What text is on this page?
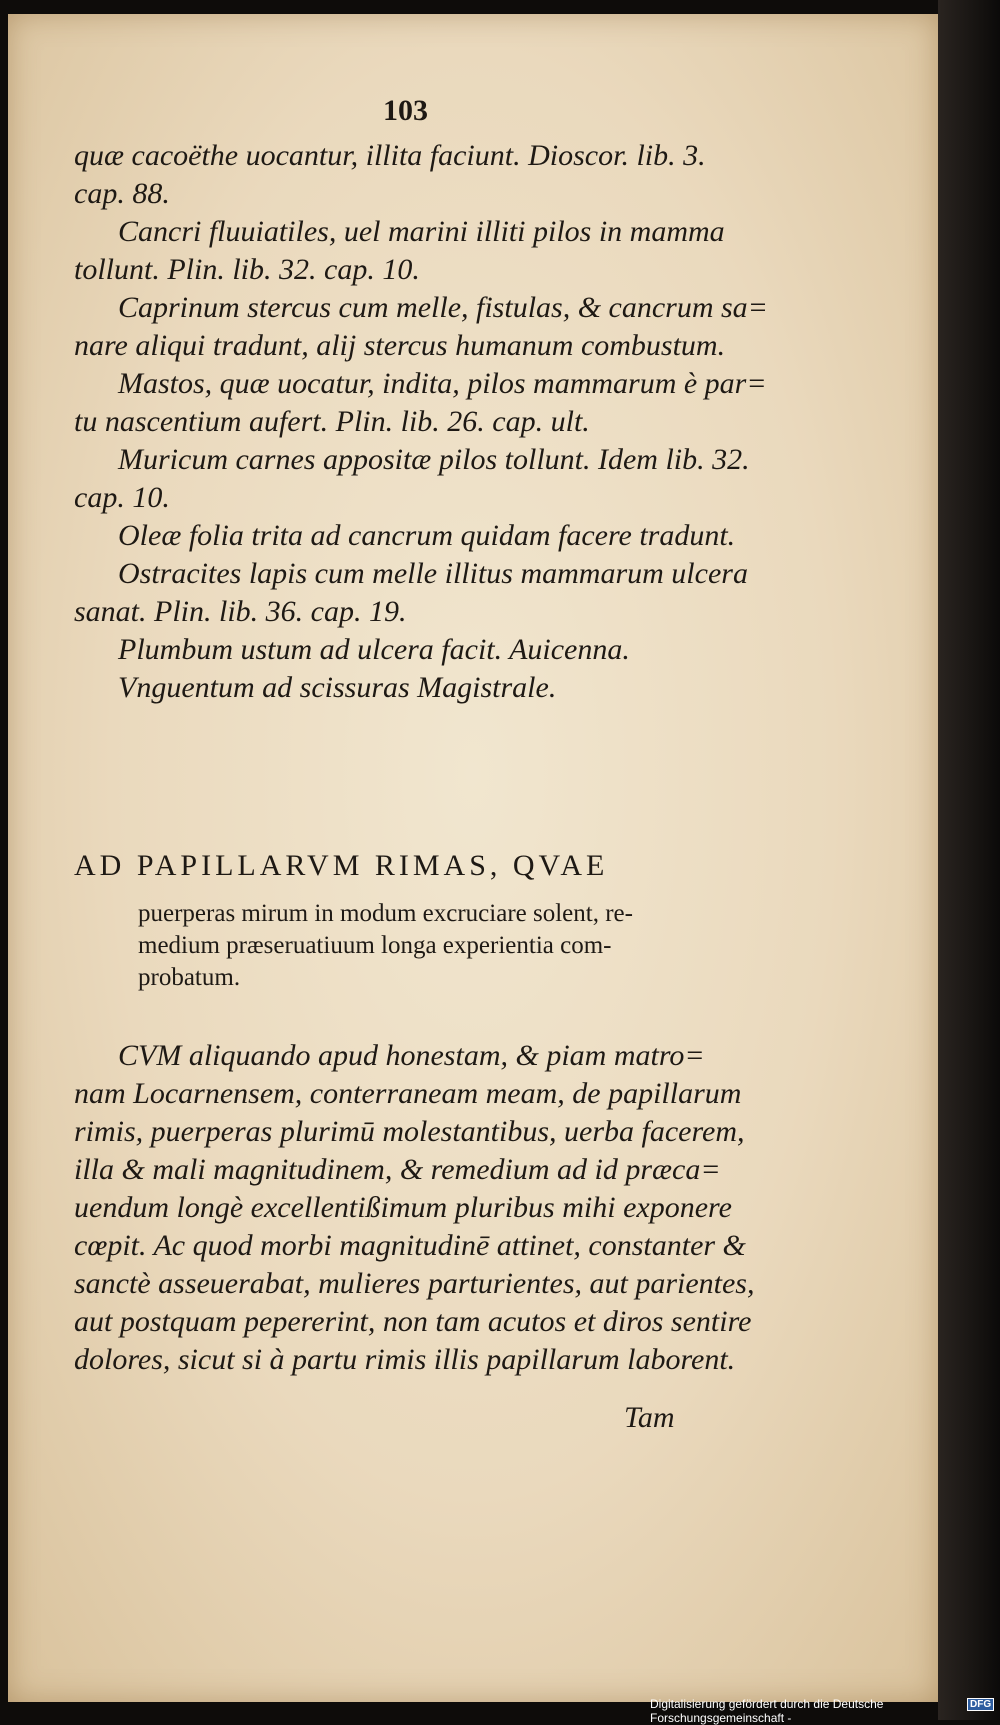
103
quæ cacoëthe uocantur, illita faciunt. Dioscor. lib. 3.
cap. 88.
Cancri fluuiatiles, uel marini illiti pilos in mamma
tollunt. Plin. lib. 32. cap. 10.
Caprinum stercus cum melle, fistulas, & cancrum sa=
nare aliqui tradunt, alij stercus humanum combustum.
Mastos, quæ uocatur, indita, pilos mammarum è par=
tu nascentium aufert. Plin. lib. 26. cap. ult.
Muricum carnes appositæ pilos tollunt. Idem lib. 32.
cap. 10.
Oleæ folia trita ad cancrum quidam facere tradunt.
Ostracites lapis cum melle illitus mammarum ulcera
sanat. Plin. lib. 36. cap. 19.
Plumbum ustum ad ulcera facit. Auicenna.
Vnguentum ad scissuras Magistrale.
AD PAPILLARVM RIMAS, QVAE
puerperas mirum in modum excruciare solent, re-
medium præseruatiuum longa experientia com-
probatum.
CVM aliquando apud honestam, & piam matro=
nam Locarnensem, conterraneam meam, de papillarum
rimis, puerperas plurimū molestantibus, uerba facerem,
illa & mali magnitudinem, & remedium ad id præca=
uendum longè excellentißimum pluribus mihi exponere
cœpit. Ac quod morbi magnitudinē attinet, constanter &
sanctè asseuerabat, mulieres parturientes, aut parientes,
aut postquam pepererint, non tam acutos et diros sentire
dolores, sicut si à partu rimis illis papillarum laborent.
Tam
Digitalisierung gefördert durch die Deutsche Forschungsgemeinschaft -
DFG
